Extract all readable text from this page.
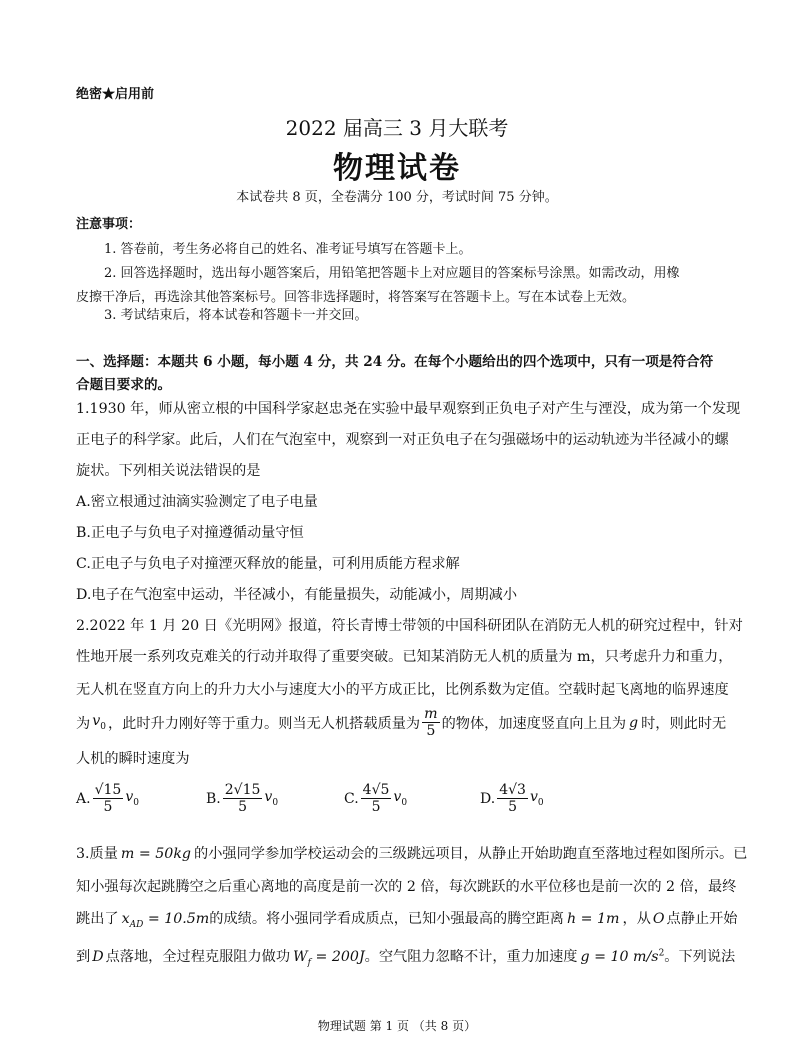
绝密★启用前
2022 届高三 3 月大联考
物理试卷
本试卷共 8 页，全卷满分 100 分，考试时间 75 分钟。
注意事项：
1. 答卷前，考生务必将自己的姓名、准考证号填写在答题卡上。
2. 回答选择题时，选出每小题答案后，用铅笔把答题卡上对应题目的答案标号涂黑。如需改动，用橡
皮擦干净后，再选涂其他答案标号。回答非选择题时，将答案写在答题卡上。写在本试卷上无效。
3. 考试结束后，将本试卷和答题卡一并交回。
一、选择题：本题共 6 小题，每小题 4 分，共 24 分。在每个小题给出的四个选项中，只有一项是符合符
合题目要求的。
1.1930 年，师从密立根的中国科学家赵忠尧在实验中最早观察到正负电子对产生与湮没，成为第一个发现
正电子的科学家。此后，人们在气泡室中，观察到一对正负电子在匀强磁场中的运动轨迹为半径减小的螺
旋状。下列相关说法错误的是
A.密立根通过油滴实验测定了电子电量
B.正电子与负电子对撞遵循动量守恒
C.正电子与负电子对撞湮灭释放的能量，可利用质能方程求解
D.电子在气泡室中运动，半径减小，有能量损失，动能减小，周期减小
2.2022 年 1 月 20 日《光明网》报道，符长青博士带领的中国科研团队在消防无人机的研究过程中，针对
性地开展一系列攻克难关的行动并取得了重要突破。已知某消防无人机的质量为 m，只考虑升力和重力，
无人机在竖直方向上的升力大小与速度大小的平方成正比，比例系数为定值。空载时起飞离地的临界速度
为 $v_0$ ，此时升力刚好等于重力。则当无人机搭载质量为 $\frac{m}{5}$ 的物体，加速度竖直向上且为 g 时，则此时无
人机的瞬时速度为
A. $\frac{√15}{5} v_0$	B. $\frac{2√15}{5} v_0$	C. $\frac{4√5}{5} v_0$	D. $\frac{4√3}{5} v_0$
3.质量 m = 50kg 的小强同学参加学校运动会的三级跳远项目，从静止开始助跑直至落地过程如图所示。已
知小强每次起跳腾空之后重心离地的高度是前一次的 2 倍，每次跳跃的水平位移也是前一次的 2 倍，最终
跳出了 $x_{AD} = 10.5m$的成绩。将小强同学看成质点，已知小强最高的腾空距离 h = 1m ，从 O 点静止开始
到 D 点落地，全过程克服阻力做功 $W_f = 200J$。空气阻力忽略不计，重力加速度 g = 10 $m/s^2$。下列说法
物理试题 第 1 页 （共 8 页）
